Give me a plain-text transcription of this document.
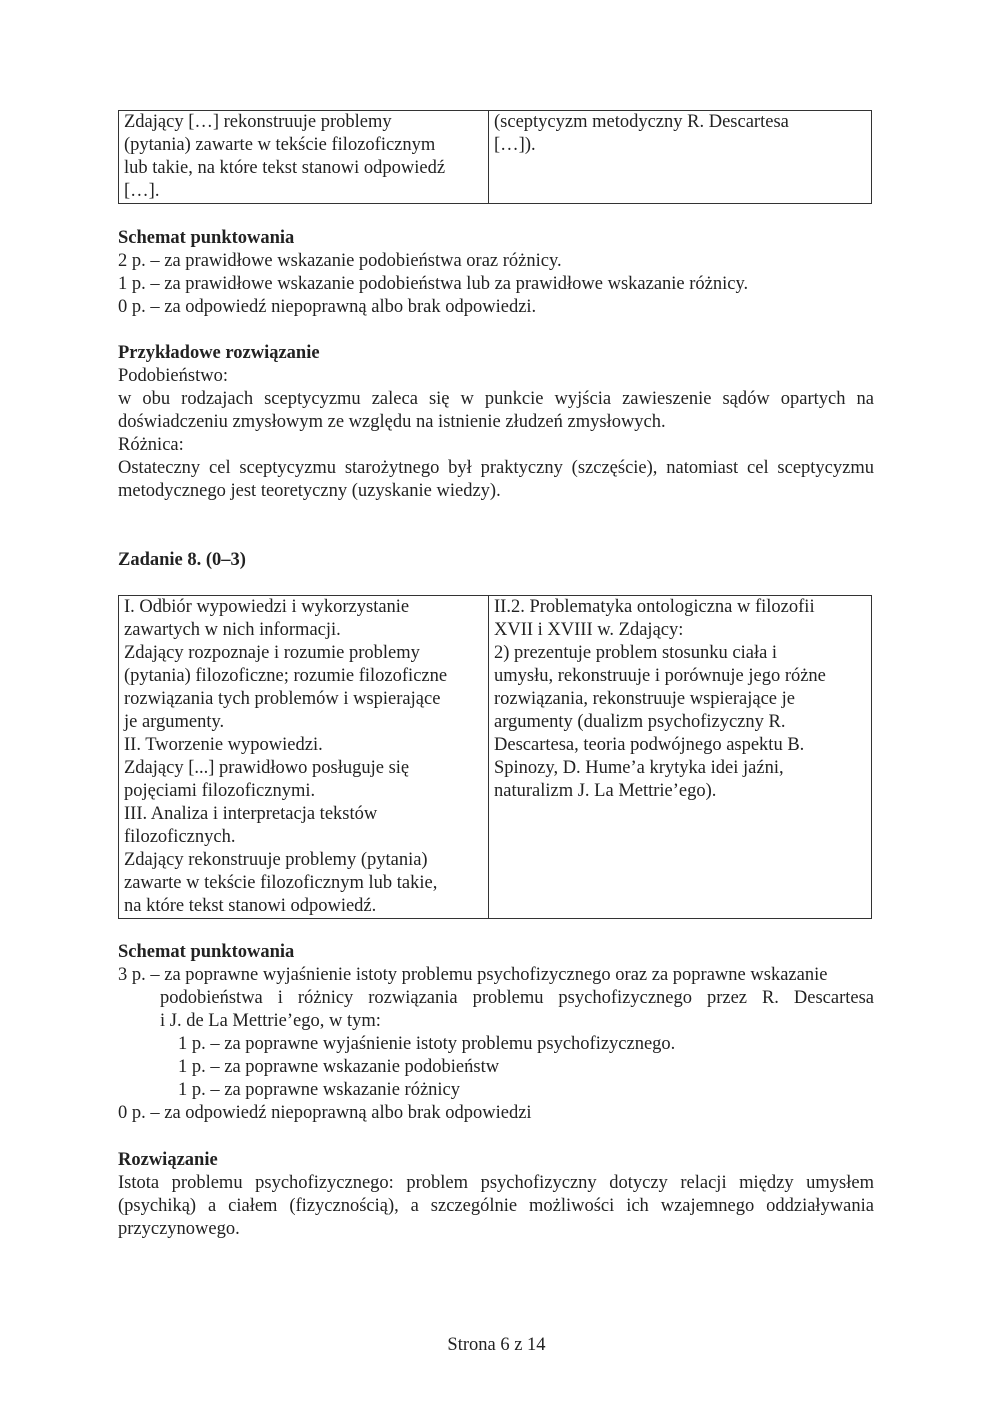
Zdający […] rekonstruuje problemy
(pytania) zawarte w tekście filozoficznym
lub takie, na które tekst stanowi odpowiedź
[…].

(sceptycyzm metodyczny R. Descartesa
[…]).
Schemat punktowania
2 p. – za prawidłowe wskazanie podobieństwa oraz różnicy.
1 p. – za prawidłowe wskazanie podobieństwa lub za prawidłowe wskazanie różnicy.
0 p. – za odpowiedź niepoprawną albo brak odpowiedzi.
Przykładowe rozwiązanie
Podobieństwo:
w obu rodzajach sceptycyzmu zaleca się w punkcie wyjścia zawieszenie sądów opartych na doświadczeniu zmysłowym ze względu na istnienie złudzeń zmysłowych.
Różnica:
Ostateczny cel sceptycyzmu starożytnego był praktyczny (szczęście), natomiast cel sceptycyzmu metodycznego jest teoretyczny (uzyskanie wiedzy).
Zadanie 8. (0–3)
I. Odbiór wypowiedzi i wykorzystanie
zawartych w nich informacji.
Zdający rozpoznaje i rozumie problemy
(pytania) filozoficzne; rozumie filozoficzne
rozwiązania tych problemów i wspierające
je argumenty.
II. Tworzenie wypowiedzi.
Zdający [...] prawidłowo posługuje się
pojęciami filozoficznymi.
III. Analiza i interpretacja tekstów
filozoficznych.
Zdający rekonstruuje problemy (pytania)
zawarte w tekście filozoficznym lub takie,
na które tekst stanowi odpowiedź.

II.2. Problematyka ontologiczna w filozofii
XVII i XVIII w. Zdający:
2) prezentuje problem stosunku ciała i
umysłu, rekonstruuje i porównuje jego różne
rozwiązania, rekonstruuje wspierające je
argumenty (dualizm psychofizyczny R.
Descartesa, teoria podwójnego aspektu B.
Spinozy, D. Hume’a krytyka idei jaźni,
naturalizm J. La Mettrie’ego).
Schemat punktowania
3 p. – za poprawne wyjaśnienie istoty problemu psychofizycznego oraz za poprawne wskazanie
podobieństwa i różnicy rozwiązania problemu psychofizycznego przez R. Descartesa
i J. de La Mettrie’ego, w tym:
1 p. – za poprawne wyjaśnienie istoty problemu psychofizycznego.
1 p. – za poprawne wskazanie podobieństw
1 p. – za poprawne wskazanie różnicy
0 p. – za odpowiedź niepoprawną albo brak odpowiedzi
Rozwiązanie
Istota problemu psychofizycznego: problem psychofizyczny dotyczy relacji między umysłem (psychiką) a ciałem (fizycznością), a szczególnie możliwości ich wzajemnego oddziaływania przyczynowego.
Strona 6 z 14
